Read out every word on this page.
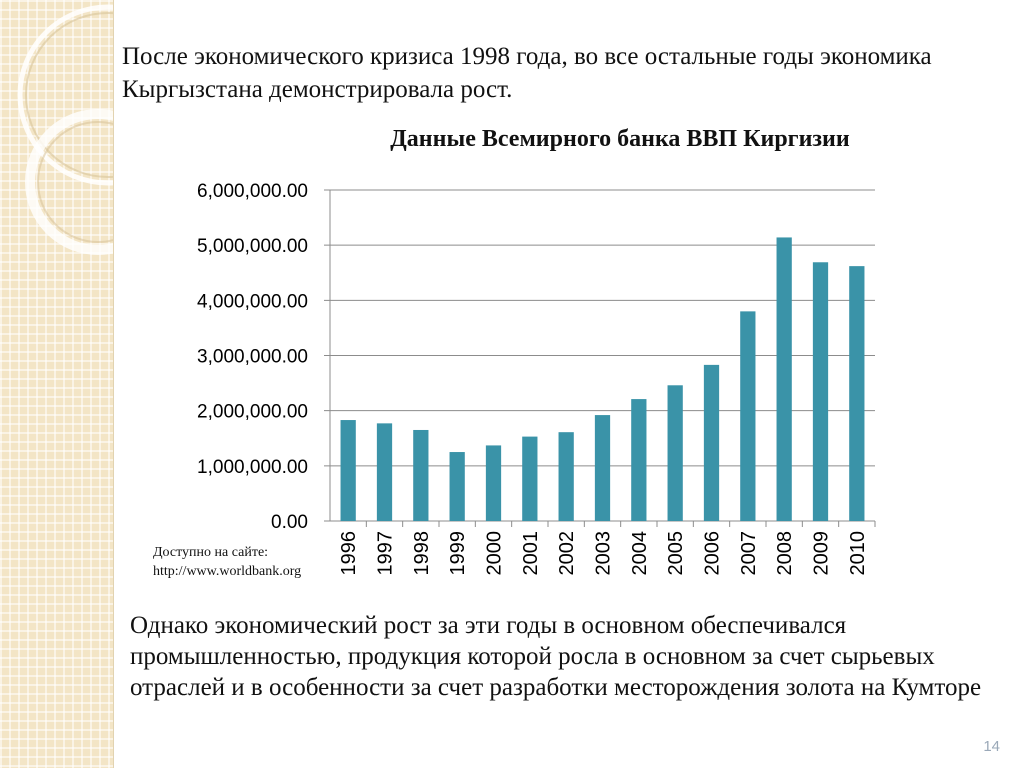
После экономического кризиса 1998 года, во все остальные годы экономика Кыргызстана демонстрировала рост.

Данные Всемирного банка ВВП Киргизии
0.00
1,000,000.00
2,000,000.00
3,000,000.00
4,000,000.00
5,000,000.00
6,000,000.00
1996 1997 1998 1999 2000 2001 2002 2003 2004 2005 2006 2007 2008 2009 2010
Доступно на сайте:
http://www.worldbank.org

Однако экономический рост за эти годы в основном обеспечивался промышленностью, продукция которой росла в основном за счет сырьевых отраслей и в особенности за счет разработки месторождения золота на Кумторе

14
